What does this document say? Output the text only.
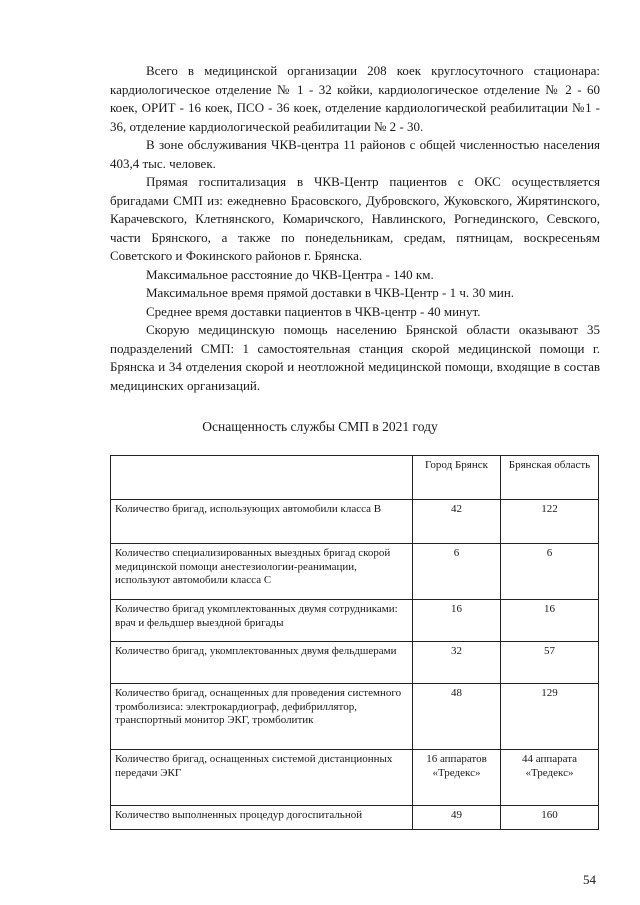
Всего в медицинской организации 208 коек круглосуточного стационара: кардиологическое отделение № 1 - 32 койки, кардиологическое отделение № 2 - 60 коек, ОРИТ - 16 коек, ПСО - 36 коек, отделение кардиологической реабилитации №1 - 36, отделение кардиологической реабилитации № 2 - 30.

В зоне обслуживания ЧКВ-центра 11 районов с общей численностью населения 403,4 тыс. человек.

Прямая госпитализация в ЧКВ-Центр пациентов с ОКС осуществляется бригадами СМП из: ежедневно Брасовского, Дубровского, Жуковского, Жирятинского, Карачевского, Клетнянского, Комаричского, Навлинского, Рогнединского, Севского, части Брянского, а также по понедельникам, средам, пятницам, воскресеньям Советского и Фокинского районов г. Брянска.

Максимальное расстояние до ЧКВ-Центра - 140 км.

Максимальное время прямой доставки в ЧКВ-Центр - 1 ч. 30 мин.

Среднее время доставки пациентов в ЧКВ-центр - 40 минут.

Скорую медицинскую помощь населению Брянской области оказывают 35 подразделений СМП: 1 самостоятельная станция скорой медицинской помощи г. Брянска и 34 отделения скорой и неотложной медицинской помощи, входящие в состав медицинских организаций.

Оснащенность службы СМП в 2021 году
	Город Брянск	Брянская область
Количество бригад, использующих автомобили класса В	42	122
Количество специализированных выездных бригад скорой медицинской помощи анестезиологии-реанимации, используют автомобили класса С	6	6
Количество бригад укомплектованных двумя сотрудниками: врач и фельдшер выездной бригады	16	16
Количество бригад, укомплектованных двумя фельдшерами	32	57
Количество бригад, оснащенных для проведения системного тромболизиса: электрокардиограф, дефибриллятор, транспортный монитор ЭКГ, тромболитик	48	129
Количество бригад, оснащенных системой дистанционных передачи ЭКГ	16 аппаратов «Тредекс»	44 аппарата «Тредекс»
Количество выполненных процедур догоспитальной	49	160
54
